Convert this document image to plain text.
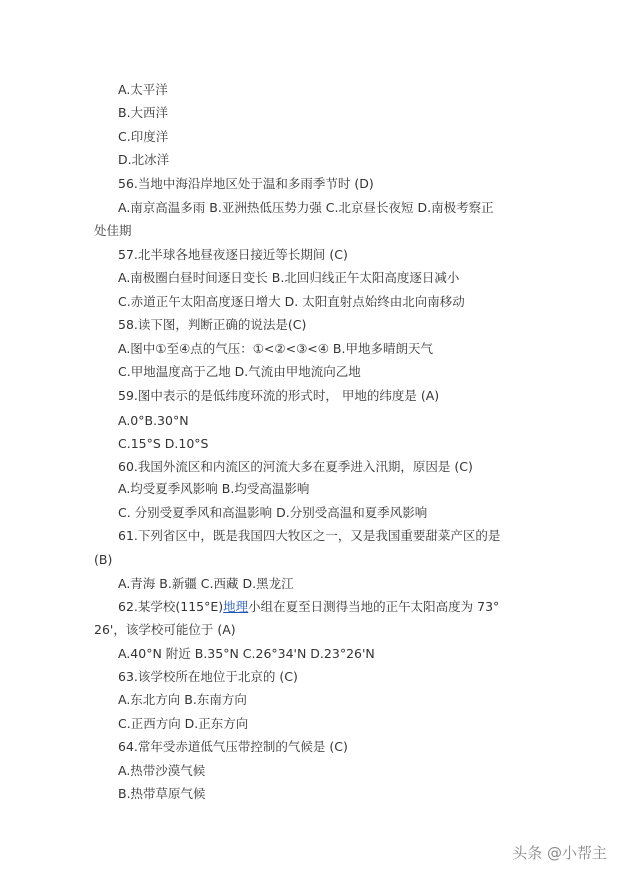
A.太平洋
B.大西洋
C.印度洋
D.北冰洋
56.当地中海沿岸地区处于温和多雨季节时 (D)
A.南京高温多雨 B.亚洲热低压势力强 C.北京昼长夜短 D.南极考察正
处佳期
57.北半球各地昼夜逐日接近等长期间 (C)
A.南极圈白昼时间逐日变长 B.北回归线正午太阳高度逐日减小
C.赤道正午太阳高度逐日增大 D. 太阳直射点始终由北向南移动
58.读下图，判断正确的说法是(C)
A.图中①至④点的气压：①<②<③<④ B.甲地多晴朗天气
C.甲地温度高于乙地 D.气流由甲地流向乙地
59.图中表示的是低纬度环流的形式时， 甲地的纬度是 (A)
A.0°B.30°N
C.15°S D.10°S
60.我国外流区和内流区的河流大多在夏季进入汛期，原因是 (C)
A.均受夏季风影响 B.均受高温影响
C. 分别受夏季风和高温影响 D.分别受高温和夏季风影响
61.下列省区中，既是我国四大牧区之一，又是我国重要甜菜产区的是
(B)
A.青海 B.新疆 C.西藏 D.黑龙江
62.某学校(115°E)地理小组在夏至日测得当地的正午太阳高度为 73°
26'，该学校可能位于 (A)
A.40°N 附近 B.35°N C.26°34'N D.23°26'N
63.该学校所在地位于北京的 (C)
A.东北方向 B.东南方向
C.正西方向 D.正东方向
64.常年受赤道低气压带控制的气候是 (C)
A.热带沙漠气候
B.热带草原气候
头条 @小帮主
